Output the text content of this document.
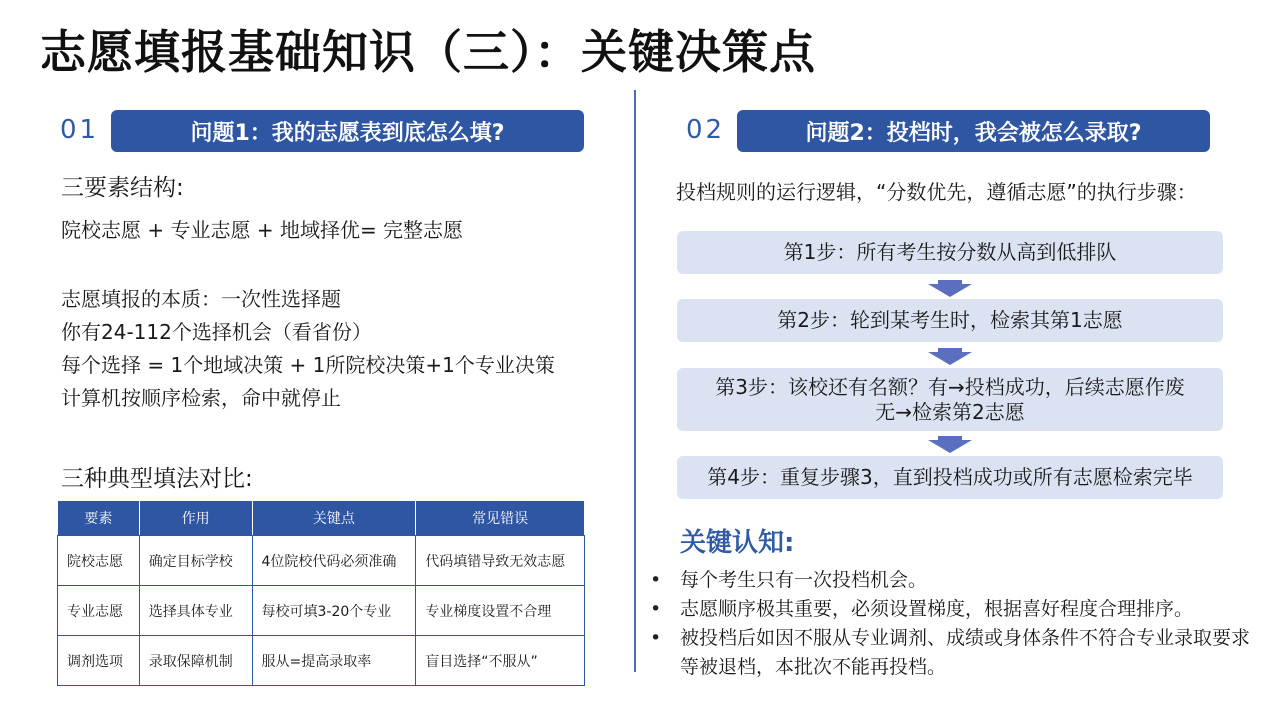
志愿填报基础知识（三）：关键决策点
01	问题1：我的志愿表到底怎么填?
三要素结构:
院校志愿 + 专业志愿 + 地域择优= 完整志愿
志愿填报的本质：一次性选择题
你有24-112个选择机会（看省份）
每个选择 = 1个地域决策 + 1所院校决策+1个专业决策
计算机按顺序检索，命中就停止
三种典型填法对比:
要素	作用	关键点	常见错误
院校志愿	确定目标学校	4位院校代码必须准确	代码填错导致无效志愿
专业志愿	选择具体专业	每校可填3-20个专业	专业梯度设置不合理
调剂选项	录取保障机制	服从=提高录取率	盲目选择“不服从”
02	问题2：投档时，我会被怎么录取?
投档规则的运行逻辑，“分数优先，遵循志愿”的执行步骤：
第1步：所有考生按分数从高到低排队
第2步：轮到某考生时，检索其第1志愿
第3步：该校还有名额？有→投档成功，后续志愿作废
无→检索第2志愿
第4步：重复步骤3，直到投档成功或所有志愿检索完毕
关键认知:
• 每个考生只有一次投档机会。
• 志愿顺序极其重要，必须设置梯度，根据喜好程度合理排序。
• 被投档后如因不服从专业调剂、成绩或身体条件不符合专业录取要求等被退档，本批次不能再投档。
